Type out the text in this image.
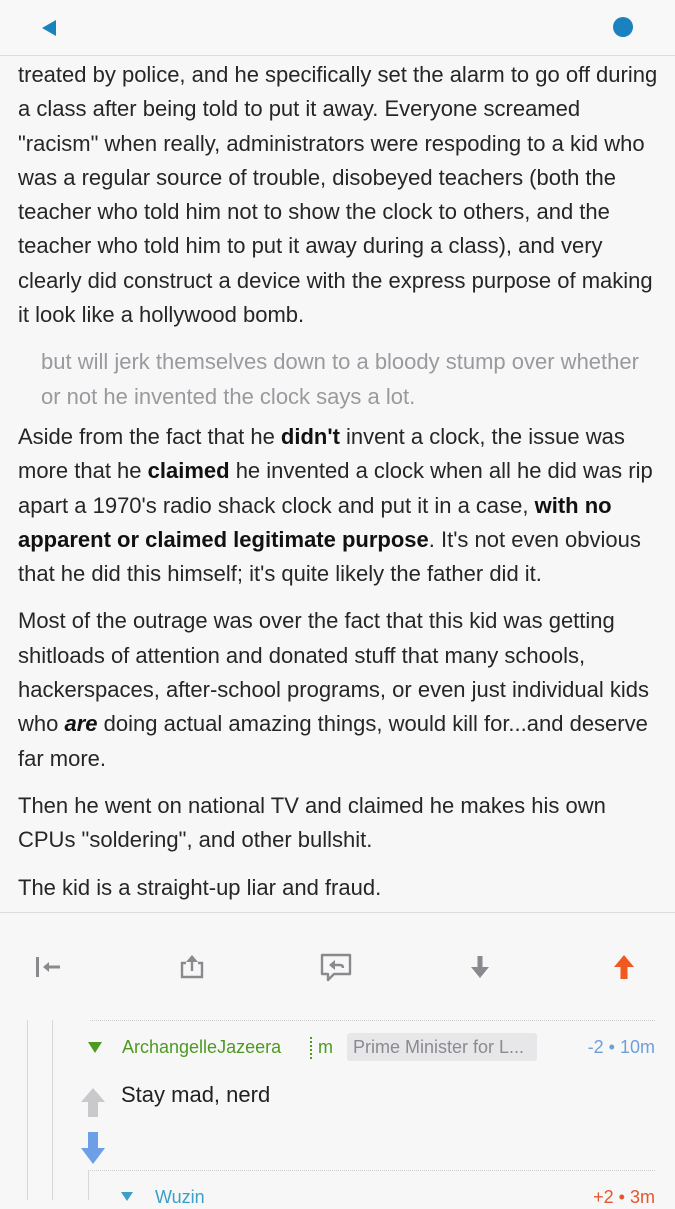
treated by police, and he specifically set the alarm to go off during a class after being told to put it away. Everyone screamed "racism" when really, administrators were respoding to a kid who was a regular source of trouble, disobeyed teachers (both the teacher who told him not to show the clock to others, and the teacher who told him to put it away during a class), and very clearly did construct a device with the express purpose of making it look like a hollywood bomb.

but will jerk themselves down to a bloody stump over whether or not he invented the clock says a lot.

Aside from the fact that he didn't invent a clock, the issue was more that he claimed he invented a clock when all he did was rip apart a 1970's radio shack clock and put it in a case, with no apparent or claimed legitimate purpose. It's not even obvious that he did this himself; it's quite likely the father did it.

Most of the outrage was over the fact that this kid was getting shitloads of attention and donated stuff that many schools, hackerspaces, after-school programs, or even just individual kids who are doing actual amazing things, would kill for...and deserve far more.

Then he went on national TV and claimed he makes his own CPUs "soldering", and other bullshit.

The kid is a straight-up liar and fraud.

ArchangelleJazeera m	Prime Minister for L...	-2 • 10m
Stay mad, nerd
Wuzin	+2 • 3m
